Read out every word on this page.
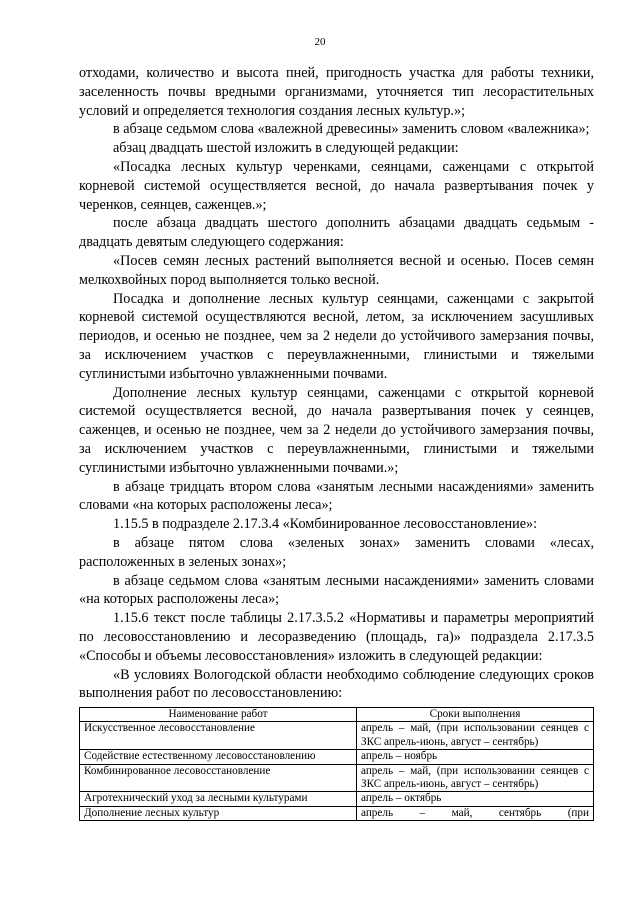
20

отходами, количество и высота пней, пригодность участка для работы техники, заселенность почвы вредными организмами, уточняется тип лесорастительных условий и определяется технология создания лесных культур.»;

в абзаце седьмом слова «валежной древесины» заменить словом «валежника»;

абзац двадцать шестой изложить в следующей редакции:

«Посадка лесных культур черенками, сеянцами, саженцами с открытой корневой системой осуществляется весной, до начала развертывания почек у черенков, сеянцев, саженцев.»;

после абзаца двадцать шестого дополнить абзацами двадцать седьмым - двадцать девятым следующего содержания:

«Посев семян лесных растений выполняется весной и осенью. Посев семян мелкохвойных пород выполняется только весной.

Посадка и дополнение лесных культур сеянцами, саженцами с закрытой корневой системой осуществляются весной, летом, за исключением засушливых периодов, и осенью не позднее, чем за 2 недели до устойчивого замерзания почвы, за исключением участков с переувлажненными, глинистыми и тяжелыми суглинистыми избыточно увлажненными почвами.

Дополнение лесных культур сеянцами, саженцами с открытой корневой системой осуществляется весной, до начала развертывания почек у сеянцев, саженцев, и осенью не позднее, чем за 2 недели до устойчивого замерзания почвы, за исключением участков с переувлажненными, глинистыми и тяжелыми суглинистыми избыточно увлажненными почвами.»;

в абзаце тридцать втором слова «занятым лесными насаждениями» заменить словами «на которых расположены леса»;

1.15.5 в подразделе 2.17.3.4 «Комбинированное лесовосстановление»:

в абзаце пятом слова «зеленых зонах» заменить словами «лесах, расположенных в зеленых зонах»;

в абзаце седьмом слова «занятым лесными насаждениями» заменить словами «на которых расположены леса»;

1.15.6 текст после таблицы 2.17.3.5.2 «Нормативы и параметры мероприятий по лесовосстановлению и лесоразведению (площадь, га)» подраздела 2.17.3.5 «Способы и объемы лесовосстановления» изложить в следующей редакции:

«В условиях Вологодской области необходимо соблюдение следующих сроков выполнения работ по лесовосстановлению:

Наименование работ	Сроки выполнения
Искусственное лесовосстановление	апрель – май, (при использовании сеянцев с ЗКС апрель-июнь, август – сентябрь)
Содействие естественному лесовосстановлению	апрель – ноябрь
Комбинированное лесовосстановление	апрель – май, (при использовании сеянцев с ЗКС апрель-июнь, август – сентябрь)
Агротехнический уход за лесными культурами	апрель – октябрь
Дополнение лесных культур	апрель – май, сентябрь (при
